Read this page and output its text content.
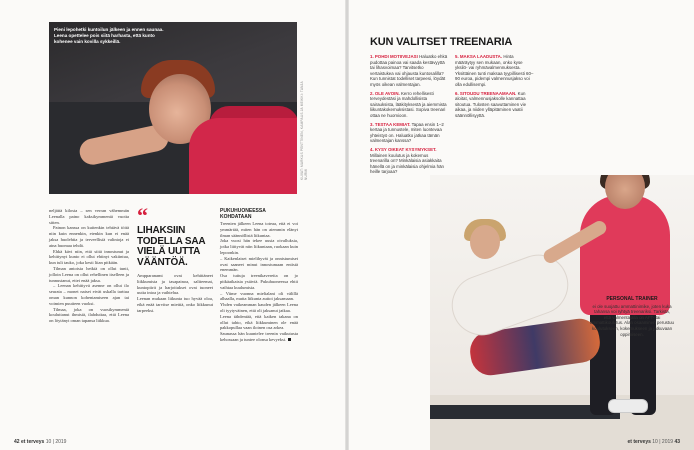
Pieni lepohetki kuntoilun jälkeen ja ennen saunaa. Leena opettelee pois siitä harhasta, että kunto kohenee vain kovilla sykkeillä.
KUVAT: MARKUS PENTTINEN, KAMPAUS JA MEIKKI: TANJA NURMI

neljättä kilosta – sen verran vähemmän Leenalla paino kaksikymmentä vuotta sitten.

Painon kanssa on kuitenkin tehtävä töitä niin kuin ennenkin, etenkin kun ei enää jaksa huolehtia ja terveellisiä valintoja ei aina huomaa tehdä.

Ehkä kävi niin, että siitä innostunut ja kehittynyt kunto ei ollut ehtinyt vakiintua, kun tuli tauko, joka kesti liian pitkään.

Tilman antoisia hetkiä on ollut tunti, jolloin Leena on ollut rehellinen itselleen ja tunnustanut, ettei enää jaksa.

– Leenan kehittyvä asenne on ollut ilo seurata – monet naiset eivät uskalla tarttua oman kunnon kohentamiseen ajan tai voimien puutteen vuoksi.

Tilmaa, joka on vuosikymmeniä kouluttanut ihmisiä, ilahduttaa, että Leena on löytänyt oman tapansa liikkua.

“
LIHAKSIIN TODELLA SAA VIELÄ UUTTA VÄÄNTÖÄ.

Ampparanamt ovat kehittäneet liikkumista ja tasapainoa, saliteemat, kuntopiirit ja harjoitukset ovat tuoneet uutta intoa ja vaihtelua.

Leenan mukaan liikunta tuo hyvää oloa, eikä enää tarvitse miettiä, onko liikkunut tarpeeksi.

PUKUHUONEESSA KOHDATAAN

Treenien jälkeen Leena toteaa, että ei voi ymmärtää, miten hän on aiemmin elänyt ilman säännöllistä liikuntaa.

Joka vuosi hän tekee uusia oivalluksia, jotka liittyvät niin liikuntaan, ruokaan kuin lepoonkin.

– Kaikenlaiset mielihyvät ja onnistumiset ovat saaneet minut innostumaan entistä enemmän.

Osa tuttuja treenikavereita on jo pitkäaikaisia ystäviä. Pukuhuoneessa ehtii vaihtaa kuulumisia.

– Viime vuonna mielialani oli välillä alhaalla, mutta liikunta auttoi jaksamaan.

Yhden vaikeamman kauden jälkeen Leena oli tyytyväinen, että oli jaksanut jatkaa.

Leena tähdentää, että kaiken takana on ollut tahto, eikä liikkuminen ole enää pakkopullaa vaan iloinen osa arkea.

Saunassa hän kuuntelee treenin vaikutusta kehossaan ja tuntee olonsa kevyeksi.

42 et terveys 10 | 2019
KUN VALITSET TREENARIA
1. POHDI MOTIIVEJASI Haluatko ehkä pudottaa painoa vai saada kestävyyttä tai lihasvoimaa? Tarvitsetko vertaistukea vai ohjausta kuntosalilla? Kun tunnistat todelliset tarpeesi, löydät myös oikean valmentajan.
2. OLE AVOIN. Kerro rehellisesti terveydestäsi ja mahdollisista sairauksista, lääkityksestä ja aiemmista liikuntakokemuksistasi. Sopiva treenari ottaa ne huomioon.
3. TESTAA KEMIAT. Tapaa ensin 1–2 kertaa ja tunnustele, miten luontevaa yhteistyö on. Haluatko jatkaa tämän valmentajan kanssa?
4. KYSY OIKEAT KYSYMYKSET. Millainen koulutus ja kokemus treenarilla on? Minkälaisia asiakkaita hänellä on ja minkälaisia ohjelmia hän heille tarjoaa?
5. MAKSA LAADUSTA. Hinta määräytyy sen mukaan, onko kyse yksilö- vai ryhmävalmennuksesta. Yksittäinen tunti maksaa tyypillisesti 60–90 euroa, pidempi valmennusjakso voi olla edullisempi.
6. SITOUDU TREENAAMAAN. Kun aloitat, valmennusjaksolle kannattaa sitoutua. Tulosten saavuttaminen vie aikaa, ja niiden ylläpitäminen vaatii säännöllisyyttä.
PERSONAL TRAINER
ei ole suojattu ammattinimike, joten kuka tahansa voi ryhtyä treenariksi. Tarkista, että valmentajalla on AFT- tai ammattikoulutus. Alan osaaminen perustuu koulutukseen, kokemukseen ja jatkuvaan oppimiseen.
et terveys 10 | 2019 43
